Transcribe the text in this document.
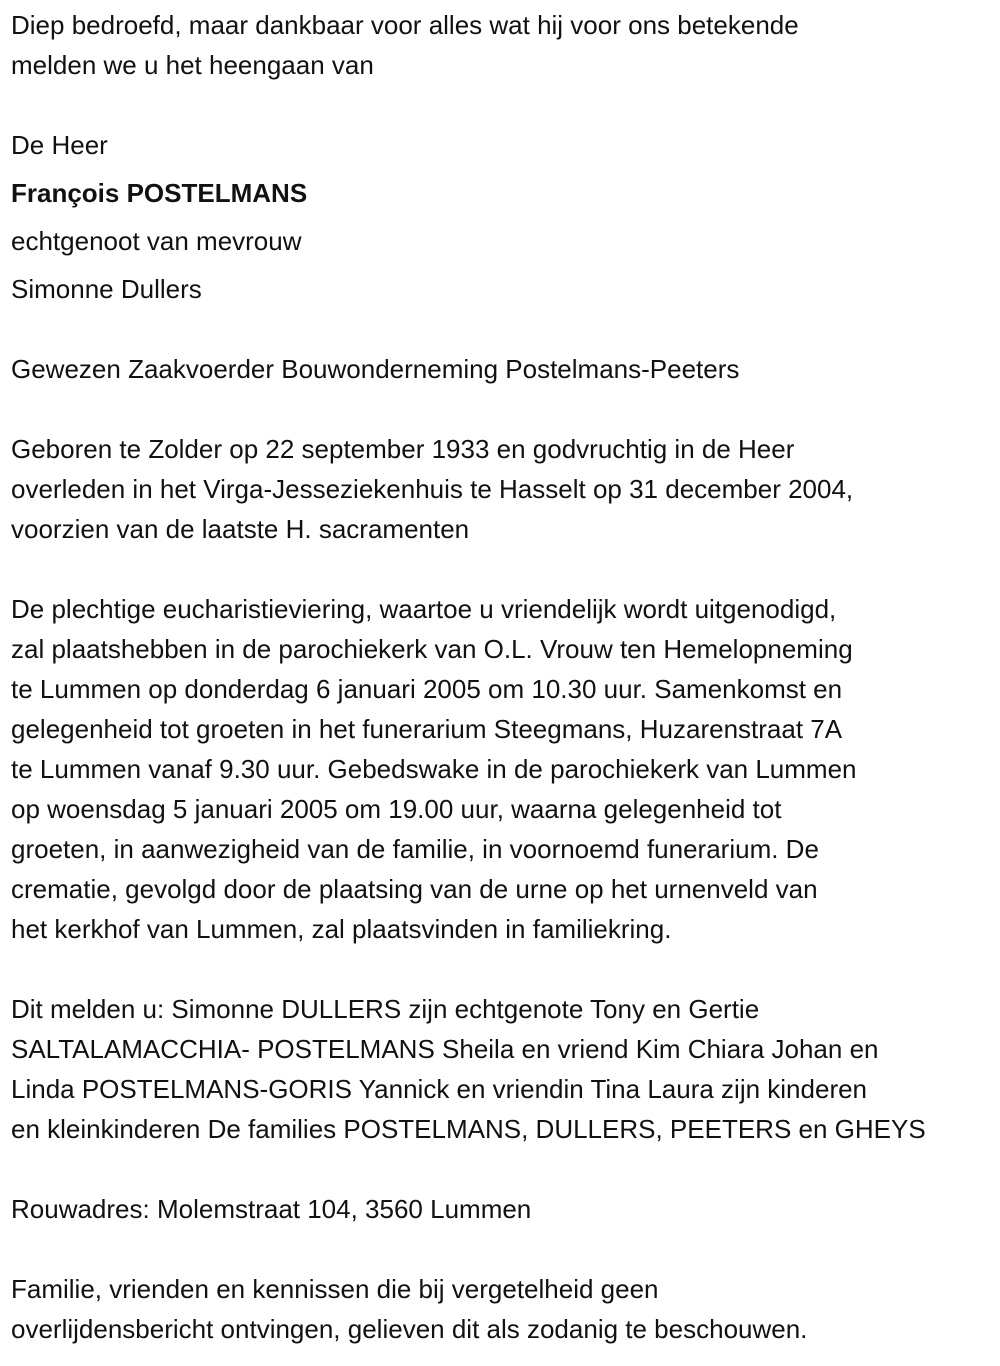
Diep bedroefd, maar dankbaar voor alles wat hij voor ons betekende
melden we u het heengaan van
De Heer
François POSTELMANS
echtgenoot van mevrouw
Simonne Dullers
Gewezen Zaakvoerder Bouwonderneming Postelmans-Peeters
Geboren te Zolder op 22 september 1933 en godvruchtig in de Heer
overleden in het Virga-Jesseziekenhuis te Hasselt op 31 december 2004,
voorzien van de laatste H. sacramenten
De plechtige eucharistieviering, waartoe u vriendelijk wordt uitgenodigd,
zal plaatshebben in de parochiekerk van O.L. Vrouw ten Hemelopneming
te Lummen op donderdag 6 januari 2005 om 10.30 uur. Samenkomst en
gelegenheid tot groeten in het funerarium Steegmans, Huzarenstraat 7A
te Lummen vanaf 9.30 uur. Gebedswake in de parochiekerk van Lummen
op woensdag 5 januari 2005 om 19.00 uur, waarna gelegenheid tot
groeten, in aanwezigheid van de familie, in voornoemd funerarium. De
crematie, gevolgd door de plaatsing van de urne op het urnenveld van
het kerkhof van Lummen, zal plaatsvinden in familiekring.
Dit melden u: Simonne DULLERS zijn echtgenote Tony en Gertie
SALTALAMACCHIA- POSTELMANS Sheila en vriend Kim Chiara Johan en
Linda POSTELMANS-GORIS Yannick en vriendin Tina Laura zijn kinderen
en kleinkinderen De families POSTELMANS, DULLERS, PEETERS en GHEYS
Rouwadres: Molemstraat 104, 3560 Lummen
Familie, vrienden en kennissen die bij vergetelheid geen
overlijdensbericht ontvingen, gelieven dit als zodanig te beschouwen.
